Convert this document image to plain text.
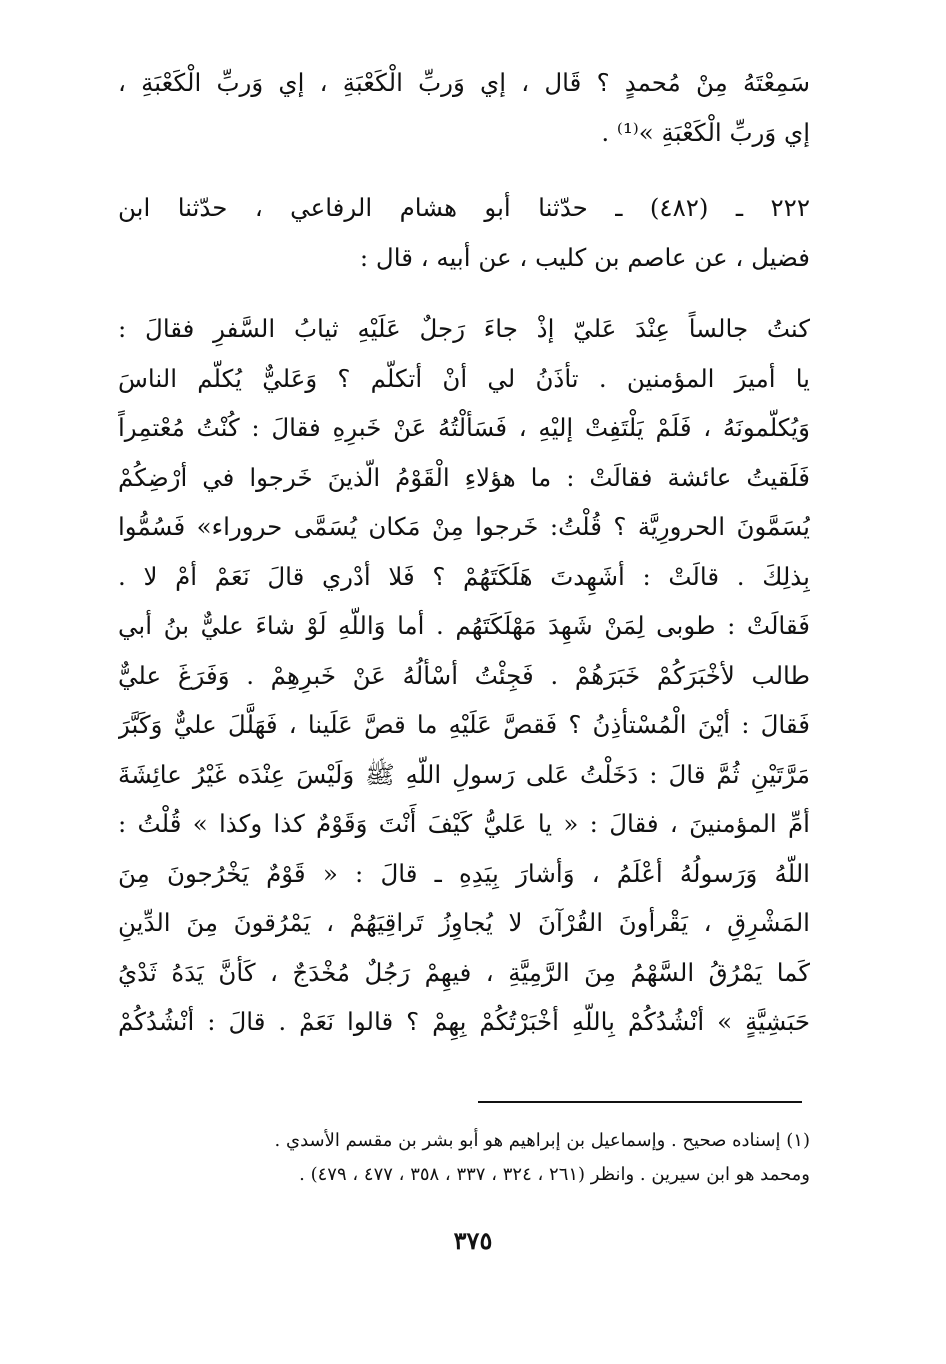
سَمِعْتَهُ مِنْ مُحمدٍ ؟ قَال ، إي وَربِّ الْكَعْبَةِ ، إي وَربِّ الْكَعْبَةِ ،
إي وَربِّ الْكَعْبَةِ »⁽¹⁾ .
٢٢٢ ـ (٤٨٢) ـ حدّثنا أبو هشام الرفاعي ، حدّثنا ابن
فضيل ، عن عاصم بن كليب ، عن أبيه ، قال :
كنتُ جالساً عِنْدَ عَليّ إذْ جاءَ رَجلٌ عَلَيْهِ ثيابُ السَّفرِ فقالَ :
يا أميرَ المؤمنين . تأذَنُ لي أنْ أتكلّم ؟ وَعَليٌّ يُكلّم الناسَ
وَيُكلّمونَهُ ، فَلَمْ يَلْتَفِتْ إليْهِ ، فَسَألْتُهُ عَنْ خَبرِهِ فقالَ : كُنْتُ مُعْتمِراً
فَلَقيتُ عائشة فقالَتْ : ما هؤلاءِ الْقَوْمُ الّذينَ خَرجوا في أرْضِكُمْ
يُسَمَّونَ الحرورِيَّة ؟ قُلْتُ: خَرجوا مِنْ مَكان يُسَمَّى حروراء» فَسُمُّوا
بِذلِكَ . قالَتْ : أشَهِدتَ هَلَكَتَهُمْ ؟ فَلا أدْري قالَ نَعَمْ أمْ لا .
فَقالَتْ : طوبى لِمَنْ شَهِدَ مَهْلَكَتَهُم . أما وَاللّهِ لَوْ شاءَ عليٌّ بنُ أبي
طالب لأخْبَرَكُمْ خَبَرَهُمْ . فَجِئْتُ أسْألُهُ عَنْ خَبرِهِمْ . وَفَرَغَ عليٌّ
فَقالَ : أيْنَ الْمُسْتأذِنُ ؟ فَقصَّ عَلَيْهِ ما قصَّ عَلَينا ، فَهَلَّلَ عليٌّ وَكَبَّرَ
مَرَّتَيْنِ ثُمَّ قالَ : دَخَلْتُ عَلى رَسولِ اللّهِ ﷺ وَلَيْسَ عِنْدَه غَيْرُ عائِشَةَ
أمِّ المؤمنينَ ، فقالَ : « يا عَليُّ كَيْفَ أَنْتَ وَقَوْمٌ كذا وكذا » قُلْتُ :
اللّهُ وَرَسولُهُ أعْلَمُ ، وَأشارَ بِيَدِهِ ـ قالَ : « قَوْمٌ يَخْرُجونَ مِنَ
المَشْرِقِ ، يَقْرأونَ القُرْآنَ لا يُجاوِزُ تَراقِيَهُمْ ، يَمْرُقونَ مِنَ الدِّينِ
كَما يَمْرُقُ السَّهْمُ مِنَ الرَّمِيَّةِ ، فيهِمْ رَجُلٌ مُخْدَجٌ ، كَأنَّ يَدَهُ ثَدْيُ
حَبَشِيَّةٍ » أنْشُدُكُمْ بِاللّهِ أخْبَرْتُكُمْ بِهِمْ ؟ قالوا نَعَمْ . قالَ : أنْشُدُكُمْ
(١) إسناده صحيح . وإسماعيل بن إبراهيم هو أبو بشر بن مقسم الأسدي .
ومحمد هو ابن سيرين . وانظر (٢٦١ ، ٣٢٤ ، ٣٣٧ ، ٣٥٨ ، ٤٧٧ ، ٤٧٩) .
٣٧٥
